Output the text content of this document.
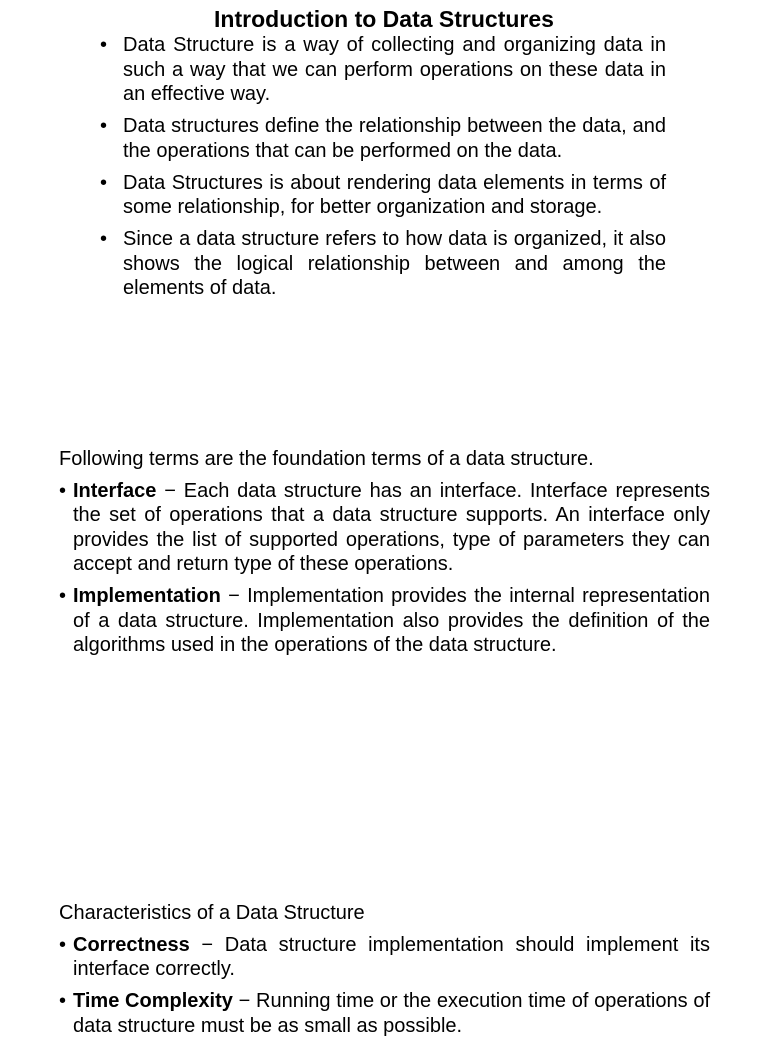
Introduction to Data Structures
• Data Structure is a way of collecting and organizing data in such a way that we can perform operations on these data in an effective way.
• Data structures define the relationship between the data, and the operations that can be performed on the data.
• Data Structures is about rendering data elements in terms of some relationship, for better organization and storage.
• Since a data structure refers to how data is organized, it also shows the logical relationship between and among the elements of data.

Following terms are the foundation terms of a data structure.

• Interface − Each data structure has an interface. Interface represents the set of operations that a data structure supports. An interface only provides the list of supported operations, type of parameters they can accept and return type of these operations.
• Implementation − Implementation provides the internal representation of a data structure. Implementation also provides the definition of the algorithms used in the operations of the data structure.

Characteristics of a Data Structure

• Correctness − Data structure implementation should implement its interface correctly.
• Time Complexity − Running time or the execution time of operations of data structure must be as small as possible.
